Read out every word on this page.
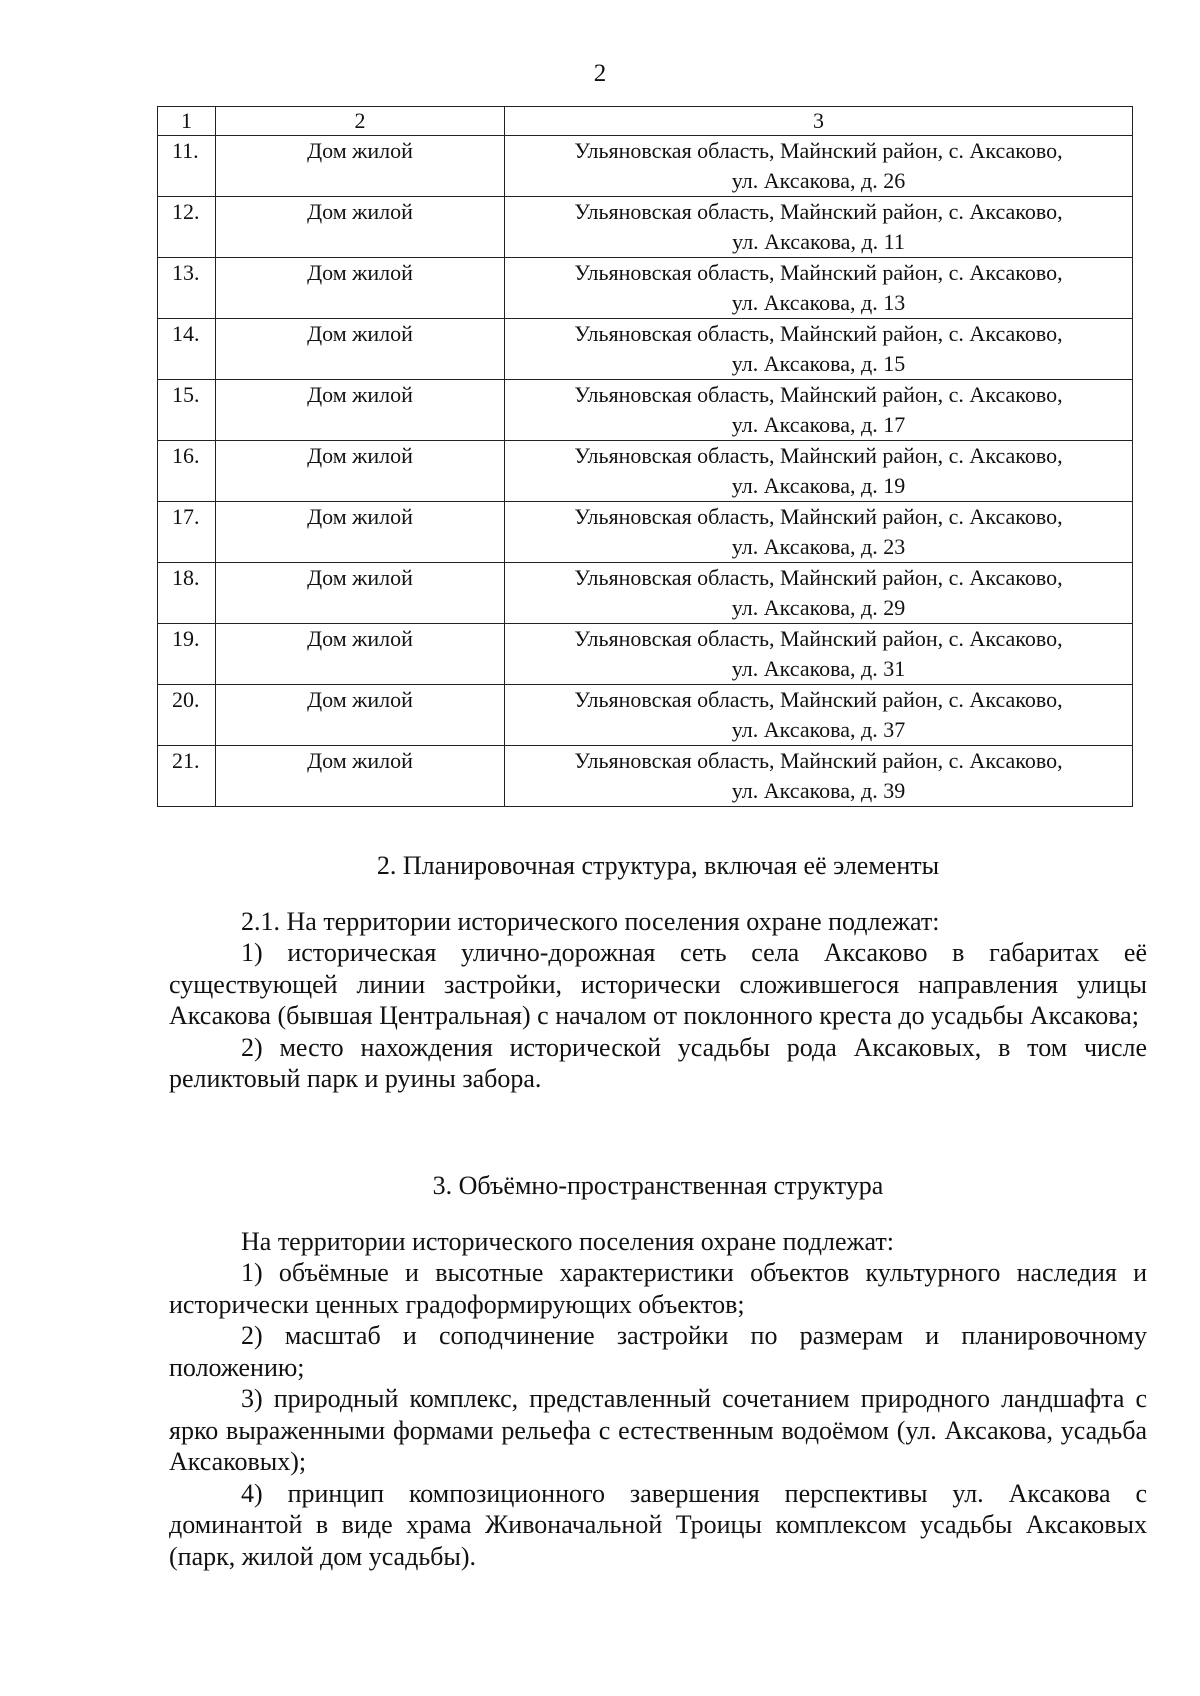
2
1	2	3
11.	Дом жилой	Ульяновская область, Майнский район, с. Аксаково,
ул. Аксакова, д. 26
12.	Дом жилой	Ульяновская область, Майнский район, с. Аксаково,
ул. Аксакова, д. 11
13.	Дом жилой	Ульяновская область, Майнский район, с. Аксаково,
ул. Аксакова, д. 13
14.	Дом жилой	Ульяновская область, Майнский район, с. Аксаково,
ул. Аксакова, д. 15
15.	Дом жилой	Ульяновская область, Майнский район, с. Аксаково,
ул. Аксакова, д. 17
16.	Дом жилой	Ульяновская область, Майнский район, с. Аксаково,
ул. Аксакова, д. 19
17.	Дом жилой	Ульяновская область, Майнский район, с. Аксаково,
ул. Аксакова, д. 23
18.	Дом жилой	Ульяновская область, Майнский район, с. Аксаково,
ул. Аксакова, д. 29
19.	Дом жилой	Ульяновская область, Майнский район, с. Аксаково,
ул. Аксакова, д. 31
20.	Дом жилой	Ульяновская область, Майнский район, с. Аксаково,
ул. Аксакова, д. 37
21.	Дом жилой	Ульяновская область, Майнский район, с. Аксаково,
ул. Аксакова, д. 39
2. Планировочная структура, включая её элементы

2.1. На территории исторического поселения охране подлежат:

1) историческая улично-дорожная сеть села Аксаково в габаритах её существующей линии застройки, исторически сложившегося направления улицы Аксакова (бывшая Центральная) с началом от поклонного креста до усадьбы Аксакова;

2) место нахождения исторической усадьбы рода Аксаковых, в том числе реликтовый парк и руины забора.

3. Объёмно-пространственная структура

На территории исторического поселения охране подлежат:

1) объёмные и высотные характеристики объектов культурного наследия и исторически ценных градоформирующих объектов;

2) масштаб и соподчинение застройки по размерам и планировочному положению;

3) природный комплекс, представленный сочетанием природного ландшафта с ярко выраженными формами рельефа с естественным водоёмом (ул. Аксакова, усадьба Аксаковых);

4) принцип композиционного завершения перспективы ул. Аксакова с доминантой в виде храма Живоначальной Троицы комплексом усадьбы Аксаковых (парк, жилой дом усадьбы).
